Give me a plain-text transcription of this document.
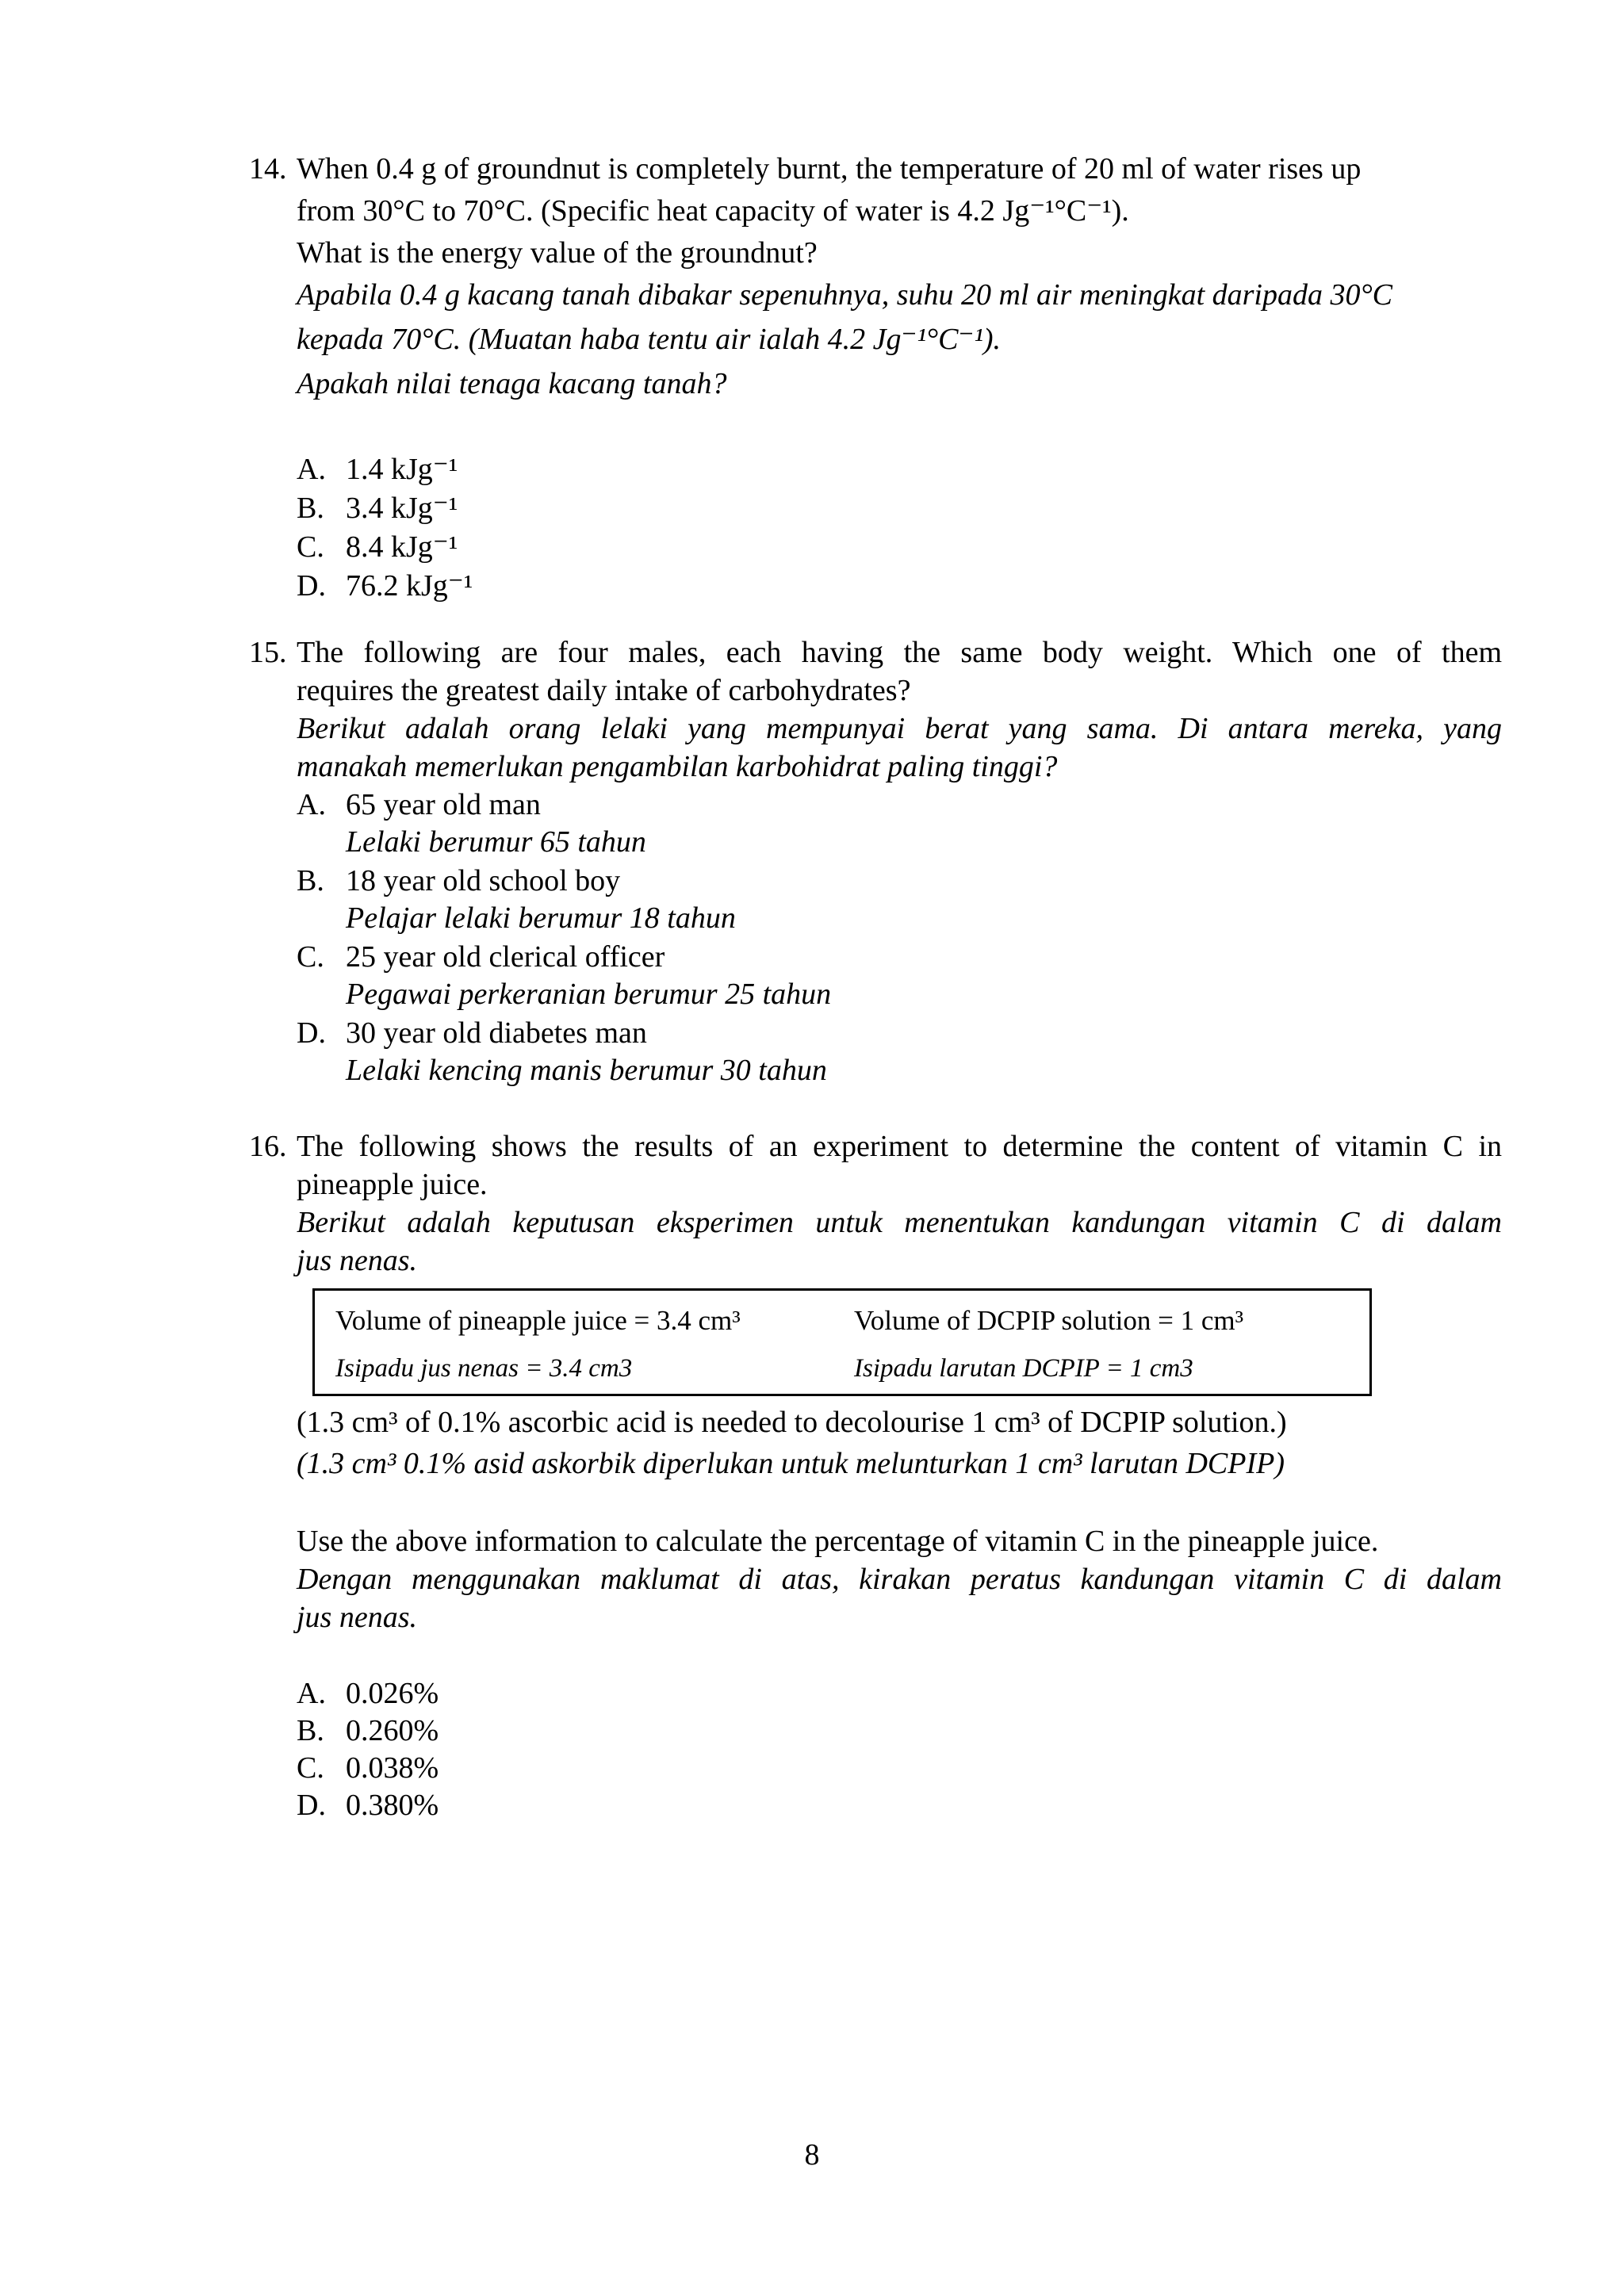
14. When 0.4 g of groundnut is completely burnt, the temperature of 20 ml of water rises up
from 30°C to 70°C. (Specific heat capacity of water is 4.2 Jg⁻¹°C⁻¹).
What is the energy value of the groundnut?
Apabila 0.4 g kacang tanah dibakar sepenuhnya, suhu 20 ml air meningkat daripada 30°C
kepada 70°C. (Muatan haba tentu air ialah 4.2 Jg⁻¹°C⁻¹).
Apakah nilai tenaga kacang tanah?
A. 1.4 kJg⁻¹
B. 3.4 kJg⁻¹
C. 8.4 kJg⁻¹
D. 76.2 kJg⁻¹
15. The following are four males, each having the same body weight. Which one of them
requires the greatest daily intake of carbohydrates?
Berikut adalah orang lelaki yang mempunyai berat yang sama. Di antara mereka, yang
manakah memerlukan pengambilan karbohidrat paling tinggi?
A. 65 year old man
Lelaki berumur 65 tahun
B. 18 year old school boy
Pelajar lelaki berumur 18 tahun
C. 25 year old clerical officer
Pegawai perkeranian berumur 25 tahun
D. 30 year old diabetes man
Lelaki kencing manis berumur 30 tahun
16. The following shows the results of an experiment to determine the content of vitamin C in
pineapple juice.
Berikut adalah keputusan eksperimen untuk menentukan kandungan vitamin C di dalam
jus nenas.
Volume of pineapple juice = 3.4 cm³	Volume of DCPIP solution = 1 cm³
Isipadu jus nenas = 3.4 cm3	Isipadu larutan DCPIP = 1 cm3
(1.3 cm³ of 0.1% ascorbic acid is needed to decolourise 1 cm³ of DCPIP solution.)
(1.3 cm³ 0.1% asid askorbik diperlukan untuk melunturkan 1 cm³ larutan DCPIP)
Use the above information to calculate the percentage of vitamin C in the pineapple juice.
Dengan menggunakan maklumat di atas, kirakan peratus kandungan vitamin C di dalam
jus nenas.
A. 0.026%
B. 0.260%
C. 0.038%
D. 0.380%
8
